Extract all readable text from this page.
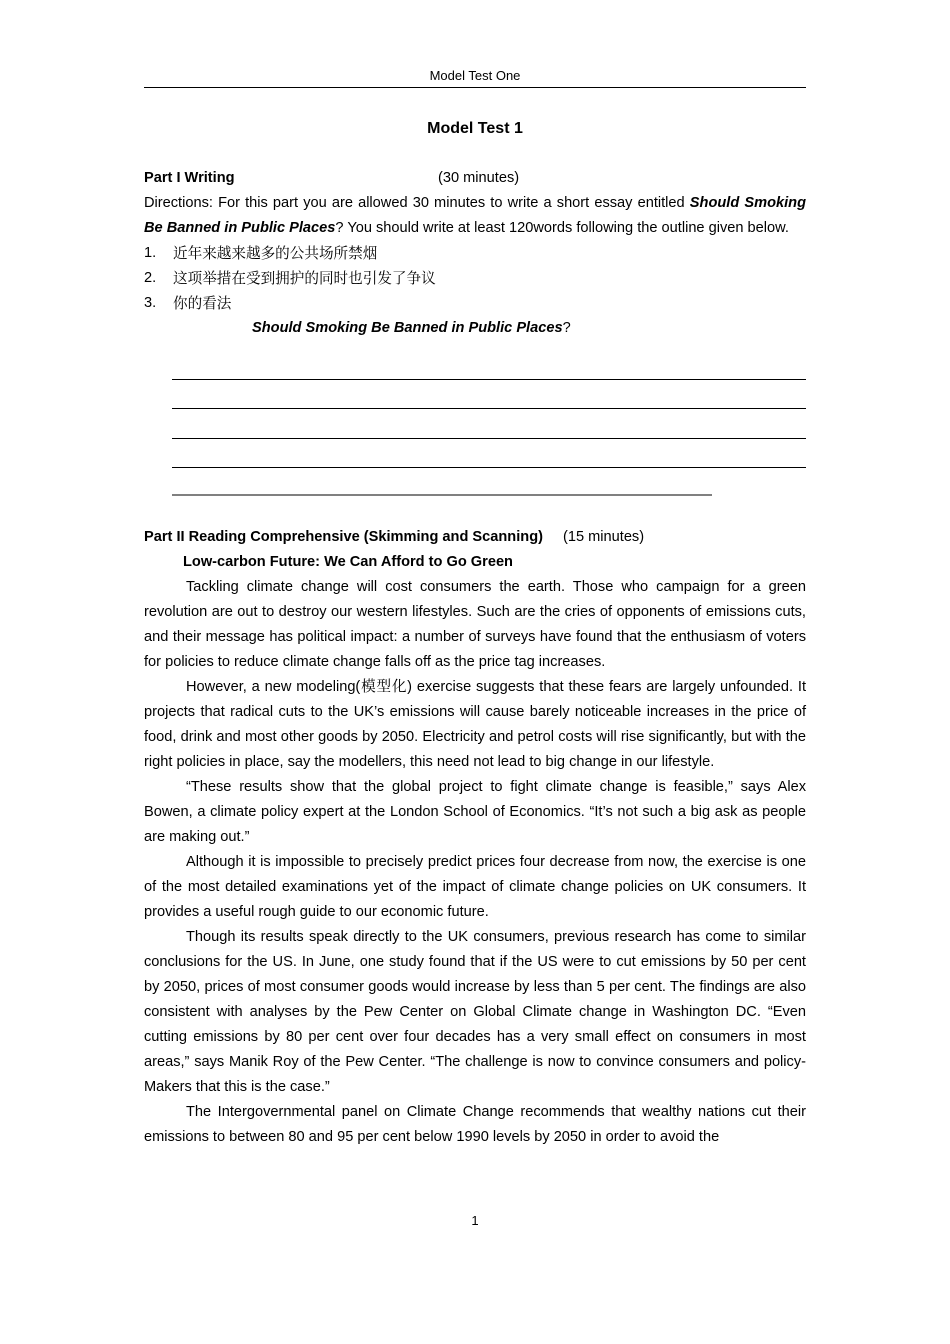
Model Test One
Model Test 1
Part I Writing	(30 minutes)

Directions: For this part you are allowed 30 minutes to write a short essay entitled Should Smoking Be Banned in Public Places? You should write at least 120words following the outline given below.

1.	近年来越来越多的公共场所禁烟
2.	这项举措在受到拥护的同时也引发了争议
3.	你的看法
Should Smoking Be Banned in Public Places?
————————————————————————————————————
Part II Reading Comprehensive (Skimming and Scanning) (15 minutes)
Low-carbon Future: We Can Afford to Go Green

Tackling climate change will cost consumers the earth. Those who campaign for a green revolution are out to destroy our western lifestyles. Such are the cries of opponents of emissions cuts, and their message has political impact: a number of surveys have found that the enthusiasm of voters for policies to reduce climate change falls off as the price tag increases.

However, a new modeling(模型化) exercise suggests that these fears are largely unfounded. It projects that radical cuts to the UK’s emissions will cause barely noticeable increases in the price of food, drink and most other goods by 2050. Electricity and petrol costs will rise significantly, but with the right policies in place, say the modellers, this need not lead to big change in our lifestyle.

“These results show that the global project to fight climate change is feasible,” says Alex Bowen, a climate policy expert at the London School of Economics. “It’s not such a big ask as people are making out.”

Although it is impossible to precisely predict prices four decrease from now, the exercise is one of the most detailed examinations yet of the impact of climate change policies on UK consumers. It provides a useful rough guide to our economic future.

Though its results speak directly to the UK consumers, previous research has come to similar conclusions for the US. In June, one study found that if the US were to cut emissions by 50 per cent by 2050, prices of most consumer goods would increase by less than 5 per cent. The findings are also consistent with analyses by the Pew Center on Global Climate change in Washington DC. “Even cutting emissions by 80 per cent over four decades has a very small effect on consumers in most areas,” says Manik Roy of the Pew Center. “The challenge is now to convince consumers and policy-Makers that this is the case.”

The Intergovernmental panel on Climate Change recommends that wealthy nations cut their emissions to between 80 and 95 per cent below 1990 levels by 2050 in order to avoid the

1
